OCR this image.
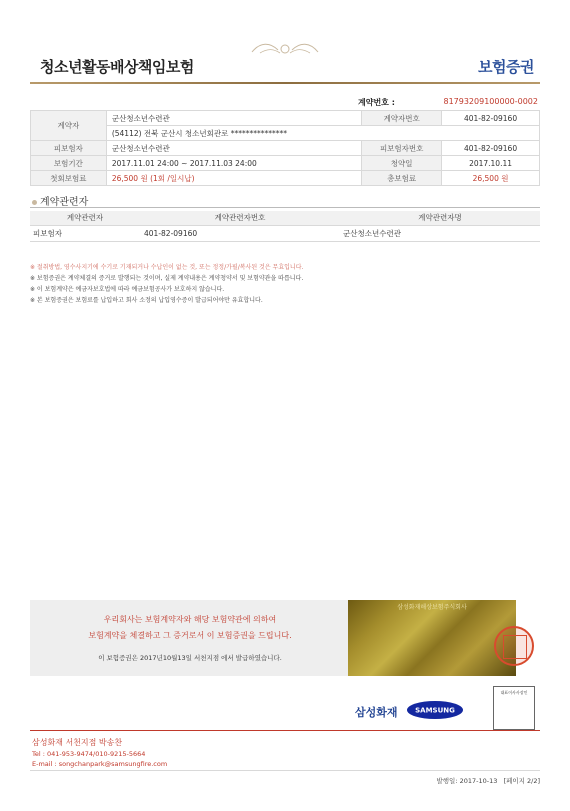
청소년활동배상책임보험	보험증권
계약번호 :	81793209100000-0002
계약자	군산청소년수련관	계약자번호	401-82-09160
	(54112) 전북 군산시 청소년회관로 ***************		
피보험자	군산청소년수련관	피보험자번호	401-82-09160
보험기간	2017.11.01 24:00 ~ 2017.11.03 24:00	청약일	2017.10.11
첫회보험료	26,500 원 (1회 /일시납)	총보험료	26,500 원
계약관련자
계약관련자	계약관련자번호	계약관련자명
피보험자	401-82-09160	군산청소년수련관
※ 절취방법, 영수사지기에 수기로 기재되거나 수납인이 없는 것, 또는 정정/가필/복사된 것은 무효입니다.
※ 보험증권은 계약체결의 증거로 발행되는 것이며, 실제 계약내용은 계약청약서 및 보험약관을 따릅니다.
※ 이 보험계약은 예금자보호법에 따라 예금보험공사가 보호하지 않습니다.
※ 본 보험증권은 보험료를 납입하고 회사 소정의 납입영수증이 발급되어야만 유효합니다.
우리회사는 보험계약자와 해당 보험약관에 의하여
보험계약을 체결하고 그 증거로서 이 보험증권을 드립니다.
이 보험증권은 2017년10월13일 서천지점 에서 발급하였습니다.
삼성화재해상보험주식회사
삼성화재	SAMSUNG
대표이사사장인
삼성화재 서천지점 박송찬
Tel : 041-953-9474/010-9215-5664
E-mail : songchanpark@samsungfire.com
발행일: 2017-10-13 [페이지 2/2]
